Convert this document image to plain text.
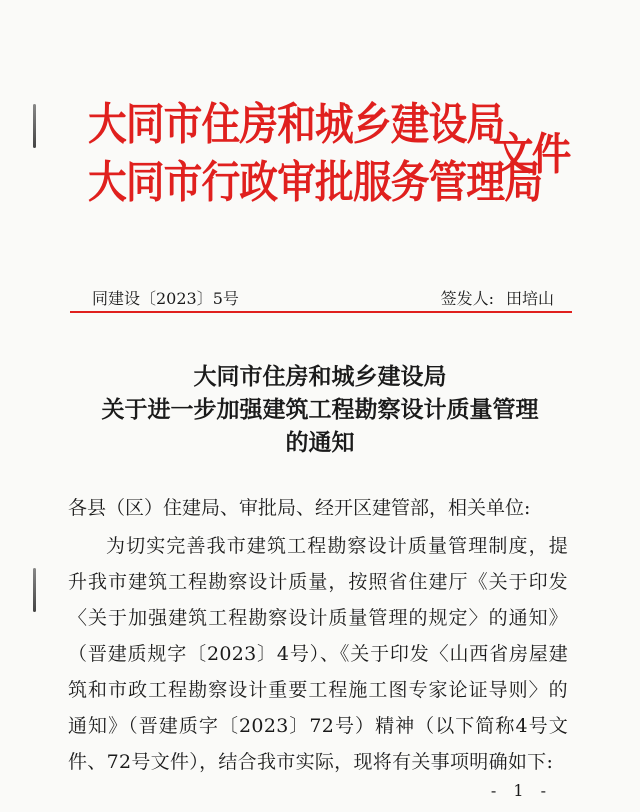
大同市住房和城乡建设局
大同市行政审批服务管理局
文件
同建设〔2023〕5号	签发人: 田培山
大同市住房和城乡建设局
关于进一步加强建筑工程勘察设计质量管理
的通知

各县（区）住建局、审批局、经开区建管部，相关单位:

为切实完善我市建筑工程勘察设计质量管理制度，提升我市建筑工程勘察设计质量，按照省住建厅《关于印发〈关于加强建筑工程勘察设计质量管理的规定〉的通知》（晋建质规字〔2023〕4号）、《关于印发〈山西省房屋建筑和市政工程勘察设计重要工程施工图专家论证导则〉的通知》（晋建质字〔2023〕72号）精神（以下简称4号文件、72号文件），结合我市实际，现将有关事项明确如下:

- 1 -
